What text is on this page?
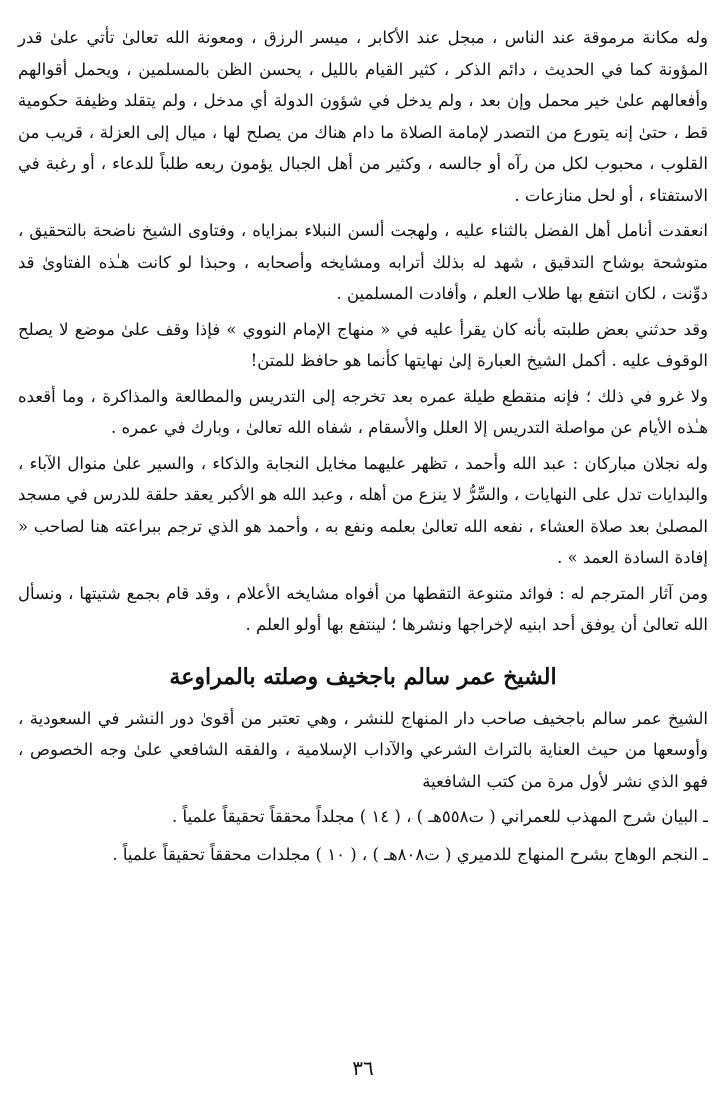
وله مكانة مرموقة عند الناس ، مبجل عند الأكابر ، ميسر الرزق ، ومعونة الله تعالىٰ تأتي علىٰ قدر المؤونة كما في الحديث ، دائم الذكر ، كثير القيام بالليل ، يحسن الظن بالمسلمين ، ويحمل أقوالهم وأفعالهم علىٰ خير محمل وإن بعد ، ولم يدخل في شؤون الدولة أي مدخل ، ولم يتقلد وظيفة حكومية قط ، حتىٰ إنه يتورع من التصدر لإمامة الصلاة ما دام هناك من يصلح لها ، ميال إلى العزلة ، قريب من القلوب ، محبوب لكل من رآه أو جالسه ، وكثير من أهل الجبال يؤمون ربعه طلباً للدعاء ، أو رغبة في الاستفتاء ، أو لحل منازعات .

انعقدت أنامل أهل الفضل بالثناء عليه ، ولهجت ألسن النبلاء بمزاياه ، وفتاوى الشيخ ناضحة بالتحقيق ، متوشحة بوشاح التدقيق ، شهد له بذلك أترابه ومشايخه وأصحابه ، وحبذا لو كانت هـٰذه الفتاوىٰ قد دوِّنت ، لكان انتفع بها طلاب العلم ، وأفادت المسلمين .

وقد حدثني بعض طلبته بأنه كان يقرأ عليه في « منهاج الإمام النووي » فإذا وقف علىٰ موضع لا يصلح الوقوف عليه . أكمل الشيخ العبارة إلىٰ نهايتها كأنما هو حافظ للمتن!

ولا غرو في ذلك ؛ فإنه منقطع طيلة عمره بعد تخرجه إلى التدريس والمطالعة والمذاكرة ، وما أقعده هـٰذه الأيام عن مواصلة التدريس إلا العلل والأسقام ، شفاه الله تعالىٰ ، وبارك في عمره .

وله نجلان مباركان : عبد الله وأحمد ، تظهر عليهما مخايل النجابة والذكاء ، والسير علىٰ منوال الآباء ، والبدايات تدل على النهايات ، والسِّرُّ لا ينزع من أهله ، وعبد الله هو الأكبر يعقد حلقة للدرس في مسجد المصلىٰ بعد صلاة العشاء ، نفعه الله تعالىٰ بعلمه ونفع به ، وأحمد هو الذي ترجم ببراعته هنا لصاحب « إفادة السادة العمد » .

ومن آثار المترجم له : فوائد متنوعة التقطها من أفواه مشايخه الأعلام ، وقد قام بجمع شتيتها ، ونسأل الله تعالىٰ أن يوفق أحد ابنيه لإخراجها ونشرها ؛ لينتفع بها أولو العلم .

الشيخ عمر سالم باجخيف وصلته بالمراوعة

الشيخ عمر سالم باجخيف صاحب دار المنهاج للنشر ، وهي تعتبر من أقوىٰ دور النشر في السعودية ، وأوسعها من حيث العناية بالتراث الشرعي والآداب الإسلامية ، والفقه الشافعي علىٰ وجه الخصوص ، فهو الذي نشر لأول مرة من كتب الشافعية

ـ البيان شرح المهذب للعمراني ( ت٥٥٨هـ ) ، ( ١٤ ) مجلداً محققاً تحقيقاً علمياً .

ـ النجم الوهاج بشرح المنهاج للدميري ( ت٨٠٨هـ ) ، ( ١٠ ) مجلدات محققاً تحقيقاً علمياً .

٣٦
